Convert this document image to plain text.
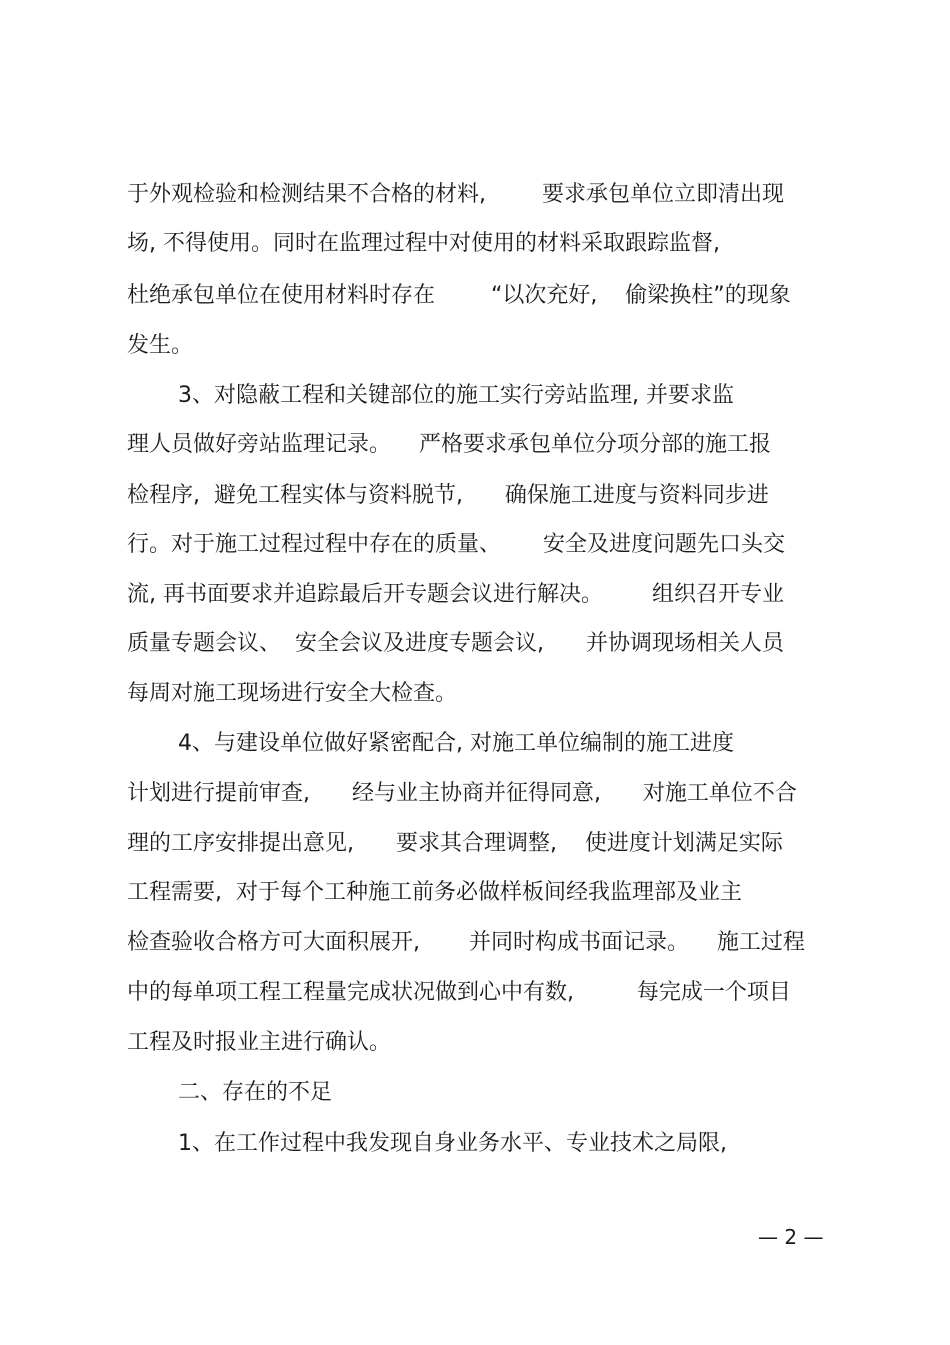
于外观检验和检测结果不合格的材料,        要求承包单位立即清出现
场, 不得使用。同时在监理过程中对使用的材料采取跟踪监督,
杜绝承包单位在使用材料时存在        “以次充好,    偷梁换柱”的现象
发生。
3、对隐蔽工程和关键部位的施工实行旁站监理, 并要求监
理人员做好旁站监理记录。    严格要求承包单位分项分部的施工报
检程序,  避免工程实体与资料脱节,      确保施工进度与资料同步进
行。对于施工过程过程中存在的质量、      安全及进度问题先口头交
流, 再书面要求并追踪最后开专题会议进行解决。       组织召开专业
质量专题会议、  安全会议及进度专题会议,      并协调现场相关人员
每周对施工现场进行安全大检查。
4、与建设单位做好紧密配合, 对施工单位编制的施工进度
计划进行提前审查,      经与业主协商并征得同意,      对施工单位不合
理的工序安排提出意见,      要求其合理调整,    使进度计划满足实际
工程需要,  对于每个工种施工前务必做样板间经我监理部及业主
检查验收合格方可大面积展开,       并同时构成书面记录。    施工过程
中的每单项工程工程量完成状况做到心中有数,         每完成一个项目
工程及时报业主进行确认。
二、存在的不足
1、在工作过程中我发现自身业务水平、专业技术之局限,
— 2 —
